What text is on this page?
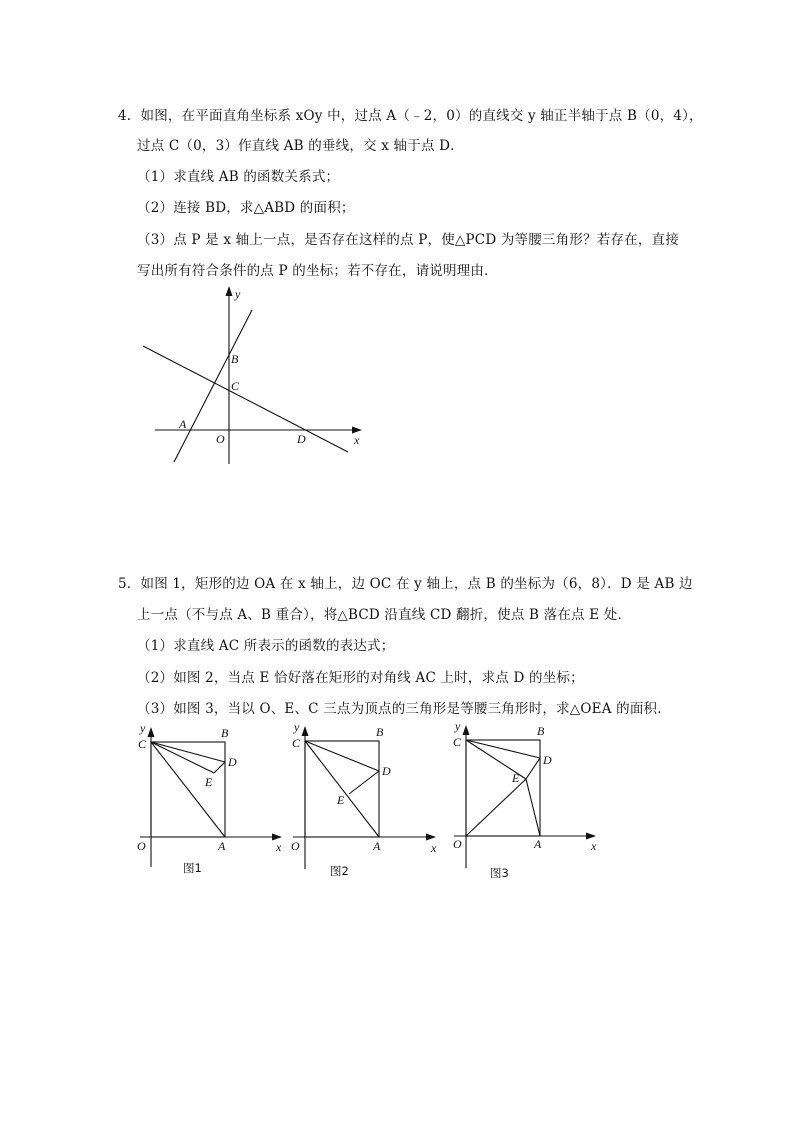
4．如图，在平面直角坐标系 xOy 中，过点 A（﹣2，0）的直线交 y 轴正半轴于点 B（0，4），
过点 C（0，3）作直线 AB 的垂线，交 x 轴于点 D．
（1）求直线 AB 的函数关系式；
（2）连接 BD，求△ABD 的面积；
（3）点 P 是 x 轴上一点，是否存在这样的点 P，使△PCD 为等腰三角形？若存在，直接
写出所有符合条件的点 P 的坐标；若不存在，请说明理由．
y
x
B
C
A
O	D
5．如图 1，矩形的边 OA 在 x 轴上，边 OC 在 y 轴上，点 B 的坐标为（6，8）．D 是 AB 边
上一点（不与点 A、B 重合），将△BCD 沿直线 CD 翻折，使点 B 落在点 E 处．
（1）求直线 AC 所表示的函数的表达式；
（2）如图 2，当点 E 恰好落在矩形的对角线 AC 上时，求点 D 的坐标；
（3）如图 3，当以 O、E、C 三点为顶点的三角形是等腰三角形时，求△OEA 的面积．
y
x
C
B
D
E
O	A
图1
y
x
C
B
D
E
O	A
图2
y
x
C
B
D
E
O	A
图3
